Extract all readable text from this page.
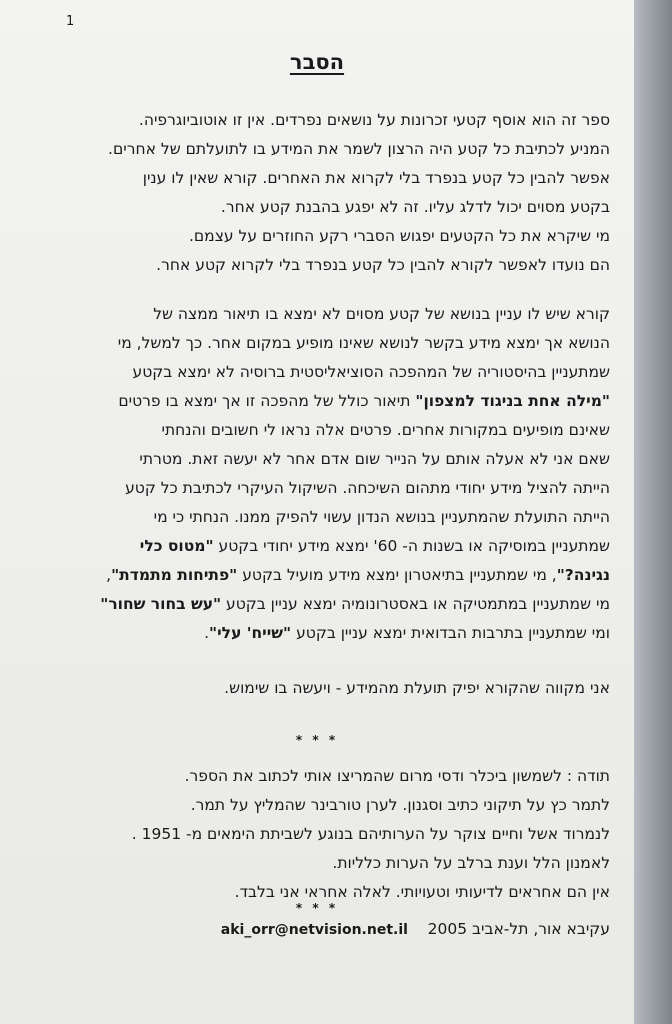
1
הסבר
ספר זה הוא אוסף קטעי זכרונות על נושאים נפרדים. אין זו אוטוביוגרפיה.
המניע לכתיבת כל קטע היה הרצון לשמר את המידע בו לתועלתם של אחרים.
אפשר להבין כל קטע בנפרד בלי לקרוא את האחרים. קורא שאין לו ענין
בקטע מסוים יכול לדלג עליו. זה לא יפגע בהבנת קטע אחר.
מי שיקרא את כל הקטעים יפגוש הסברי רקע החוזרים על עצמם.
הם נועדו לאפשר לקורא להבין כל קטע בנפרד בלי לקרוא קטע אחר.
קורא שיש לו עניין בנושא של קטע מסוים לא ימצא בו תיאור ממצה של
הנושא אך ימצא מידע בקשר לנושא שאינו מופיע במקום אחר. כך למשל, מי
שמתעניין בהיסטוריה של המהפכה הסוציאליסטית ברוסיה לא ימצא בקטע
"מילה אחת בניגוד למצפון" תיאור כולל של מהפכה זו אך ימצא בו פרטים
שאינם מופיעים במקורות אחרים. פרטים אלה נראו לי חשובים והנחתי
שאם אני לא אעלה אותם על הנייר שום אדם אחר לא יעשה זאת. מטרתי
הייתה להציל מידע יחודי מתהום השיכחה. השיקול העיקרי לכתיבת כל קטע
הייתה התועלת שהמתעניין בנושא הנדון עשוי להפיק ממנו. הנחתי כי מי
שמתעניין במוסיקה או בשנות ה- 60' ימצא מידע יחודי בקטע "מטוס כלי
נגינה?", מי שמתעניין בתיאטרון ימצא מידע מועיל בקטע "פתיחות מתמדת",
מי שמתעניין במתמטיקה או באסטרונומיה ימצא עניין בקטע "עש בחור שחור"
ומי שמתעניין בתרבות הבדואית ימצא עניין בקטע "שייח' עלי".
אני מקווה שהקורא יפיק תועלת מהמידע - ויעשה בו שימוש.
* * *
תודה : לשמשון ביכלר ודסי מרום שהמריצו אותי לכתוב את הספר.
לתמר כץ על תיקוני כתיב וסגנון. לערן טורבינר שהמליץ על תמר.
לנמרוד אשל וחיים צוקר על הערותיהם בנוגע לשביתת הימאים מ- 1951 .
לאמנון הלל וענת ברלב על הערות כלליות.
אין הם אחראים לדיעותי וטעויותי. לאלה אחראי אני בלבד.
* * *
עקיבא אור, תל-אביב 2005    aki_orr@netvision.net.il
